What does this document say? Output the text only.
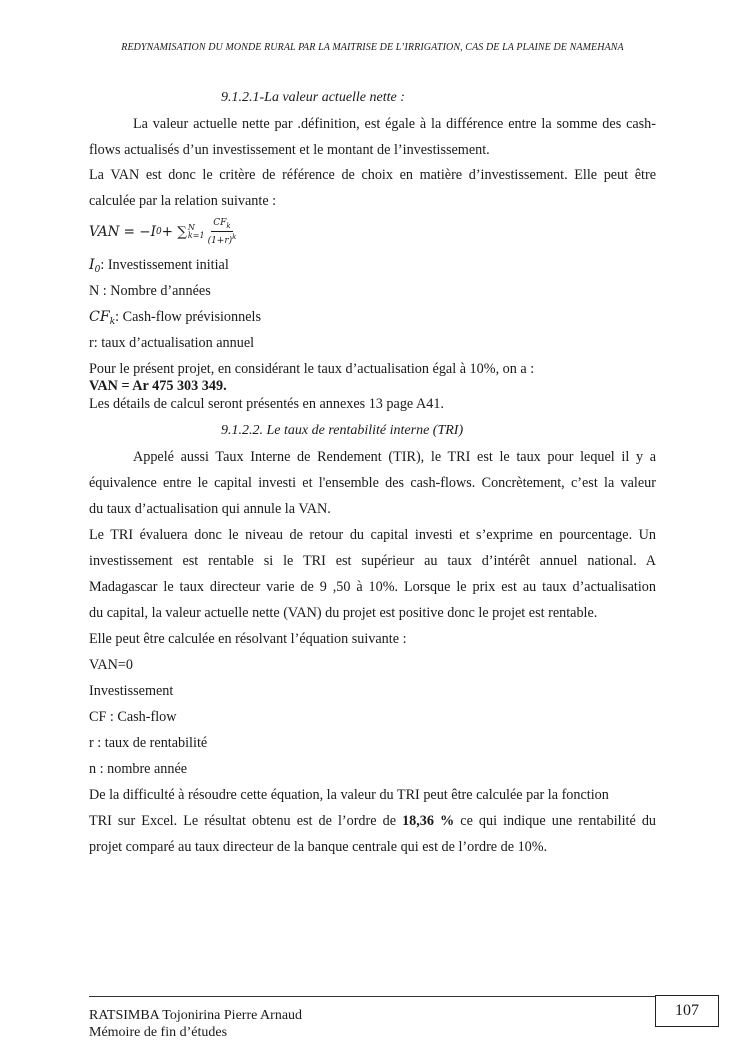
REDYNAMISATION DU MONDE RURAL PAR LA MAITRISE DE L’IRRIGATION, CAS DE LA PLAINE DE NAMEHANA
9.1.2.1-La valeur actuelle nette :
La valeur actuelle nette par .définition, est égale à la différence entre la somme des cash-
flows actualisés d’un investissement et le montant de l’investissement.
La VAN est donc le critère de référence de choix en matière d’investissement. Elle peut être
calculée par la relation suivante :
VAN = −I 0 + ∑ N
$k=1 \frac{CF_k}{(1+r)^k}$
$I_0$: Investissement initial
N : Nombre d’années
$CF_k$: Cash-flow prévisionnels
r: taux d’actualisation annuel
Pour le présent projet, en considérant le taux d’actualisation égal à 10%, on a :
VAN = Ar 475 303 349.
Les détails de calcul seront présentés en annexes 13 page A41.
9.1.2.2. Le taux de rentabilité interne (TRI)
Appelé aussi Taux Interne de Rendement (TIR), le TRI est le taux pour lequel il y a
équivalence entre le capital investi et l'ensemble des cash-flows. Concrètement, c’est la valeur
du taux d’actualisation qui annule la VAN.
Le TRI évaluera donc le niveau de retour du capital investi et s’exprime en pourcentage. Un
investissement est rentable si le TRI est supérieur au taux d’intérêt annuel national. A
Madagascar le taux directeur varie de 9 ,50 à 10%. Lorsque le prix est au taux d’actualisation
du capital, la valeur actuelle nette (VAN) du projet est positive donc le projet est rentable.
Elle peut être calculée en résolvant l’équation suivante :
VAN=0
Investissement
CF : Cash-flow
r : taux de rentabilité
n : nombre année
De la difficulté à résoudre cette équation, la valeur du TRI peut être calculée par la fonction
TRI sur Excel. Le résultat obtenu est de l’ordre de 18,36 % ce qui indique une rentabilité du
projet comparé au taux directeur de la banque centrale qui est de l’ordre de 10%.
RATSIMBA Tojonirina Pierre Arnaud
Mémoire de fin d’études
107
